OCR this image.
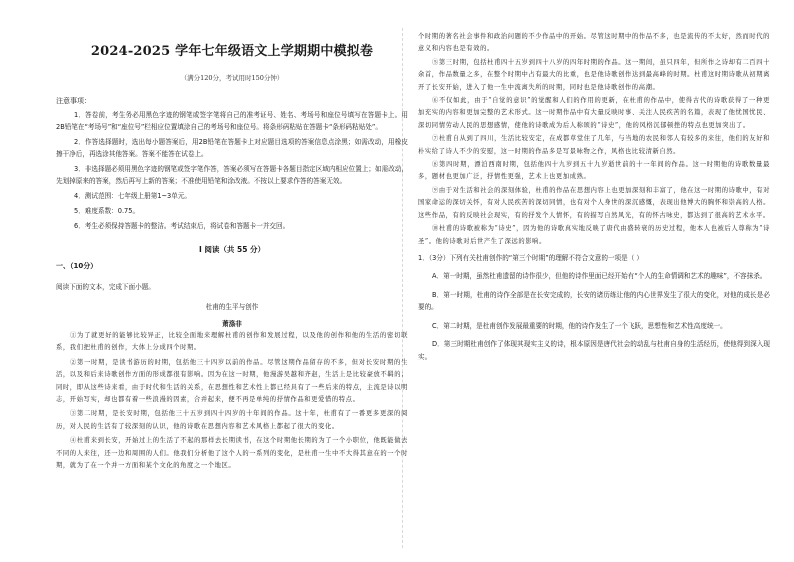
2024-2025 学年七年级语文上学期期中模拟卷
（满分120分，考试用时150分钟）
注意事项：
1．答卷前，考生务必用黑色字迹的钢笔或签字笔将自己的准考证号、姓名、考场号和座位号填写在答题卡上。用2B铅笔在“考场号”和“座位号”栏相应位置填涂自己的考场号和座位号。将条形码粘贴在答题卡“条形码粘贴处”。
2．作答选择题时，选出每小题答案后，用2B铅笔在答题卡上对应题目选项的答案信息点涂黑；如需改动，用橡皮擦干净后，再选涂其他答案。答案不能答在试卷上。
3．非选择题必须用黑色字迹的钢笔或签字笔作答，答案必须写在答题卡各题目指定区域内相应位置上；如需改动，先划掉原来的答案，然后再写上新的答案；不准使用铅笔和涂改液。不按以上要求作答的答案无效。
4．测试范围：七年级上册第1~3单元。
5．难度系数：0.75。
6．考生必须保持答题卡的整洁。考试结束后，将试卷和答题卡一并交回。
Ⅰ 阅读（共 55 分）
一、（10分）
阅读下面的文本，完成下面小题。
杜甫的生平与创作
萧涤非
①为了就更好的能够比较异正，比较全面地来理解杜甫的创作和发展过程，以及他的创作和他的生活的密切联系，我们把杜甫的创作，大体上分成四个时期。
②第一时期，是读书游历的时期，包括他三十四岁以前的作品。尽管这期作品留存的不多，但对长安时期的生活，以及和后来诗歌创作方面的形成都很有影响。因为在这一时期，他漫游吴越和齐赵，生活上是比较豪放不羁的；同时，即从这些诗来看，由于时代和生活的关系，在思想性和艺术性上都已经具有了一些后来的特点，主流是诗以明志，开始写实，却也都有着一些浪漫的因素，合并起来，便不再是单纯的抒情作品和更爱惜的特点。
③第二时期，是长安时期，包括他三十五岁到四十四岁的十年间的作品。这十年，杜甫有了一番更多更深的阅历，对人民的生活有了较深刻的认识，他的诗歌在思想内容和艺术风格上都起了很大的变化。
④杜甫来到长安，开始过上的生活了不起的那样去长期读书，在这个时期他长期的为了一个小职位，他既能做去不同的人来往，还一边和周围的人们。他我们分析他了这个人的一系列的变化，是杜甫一生中不大得其意在的一个时期，就为了在一个并一方面和某个文化的角度之一个地区。
个时期的著名社会事件和政治问题的不少作品中的开始。尽管这时期中的作品不多，也是流传的不太好，然而时代的意义和内容也是有效的。
⑤第三时期，包括杜甫四十五岁到四十八岁的四年时期的作品。这一期间，虽只四年，但所作之诗却有二百四十余首，作品数量之多，在整个时期中占有最大的比重，也是他诗歌创作达到最高峰的时期。杜甫这时期诗歌从初期离开了长安开始，进入了他一生中流离失所的时期，同时也是他诗歌创作的高潮。
⑥不仅如此，由于“自觉的意识”的觉醒和人们的作用的更新，在杜甫的作品中，使得古代的诗歌获得了一种更加充实的内容和更加完整的艺术形式。这一时期作品中有大量反映时事、关注人民疾苦的名篇，表现了他忧国忧民、深切同情劳动人民的思想感情，使他的诗歌成为后人称颂的“诗史”，他的风格沉郁顿挫的特点也更加突出了。
⑦杜甫自从到了四川，生活比较安定，在成都草堂住了几年，与当地的农民和邻人有较多的来往，他们的友好和朴实给了诗人不少的安慰，这一时期的作品多是写景咏物之作，风格也比较清新自然。
⑧第四时期，漂泊西南时期，包括他四十九岁到五十九岁逝世前的十一年间的作品。这一时期他的诗歌数量最多，题材也更加广泛，抒情性更强，艺术上也更加成熟。
⑨由于对生活和社会的深刻体验，杜甫的作品在思想内容上也更加深刻和丰富了，他在这一时期的诗歌中，有对国家命运的深切关怀，有对人民疾苦的深切同情，也有对个人身世的深沉感慨，表现出他博大的胸怀和崇高的人格。这些作品，有的反映社会现实，有的抒发个人情怀，有的描写自然风光，有的怀古咏史，都达到了很高的艺术水平。
⑩杜甫的诗歌被称为“诗史”，因为他的诗歌真实地反映了唐代由盛转衰的历史过程，他本人也被后人尊称为“诗圣”。他的诗歌对后世产生了深远的影响。
1．（3分）下列有关杜甫创作的“第三个时期”的理解不符合文意的一项是（ ）
A．第一时期，虽然杜甫遗留的诗作很少，但他的诗作里面已经开始有“个人的生命情调和艺术的趣味”，不容抹杀。
B．第一时期，杜甫的诗作全部是在长安完成的，长安的诸历练让他的内心世界发生了很大的变化，对他的成长是必要的。
C．第二时期，是杜甫创作发展最重要的时期，他的诗作发生了一个飞跃，思想性和艺术性高度统一。
D．第三时期杜甫创作了体现其现实主义的诗，根本原因是唐代社会的动乱与杜甫自身的生活经历，使他得到深入现实。
